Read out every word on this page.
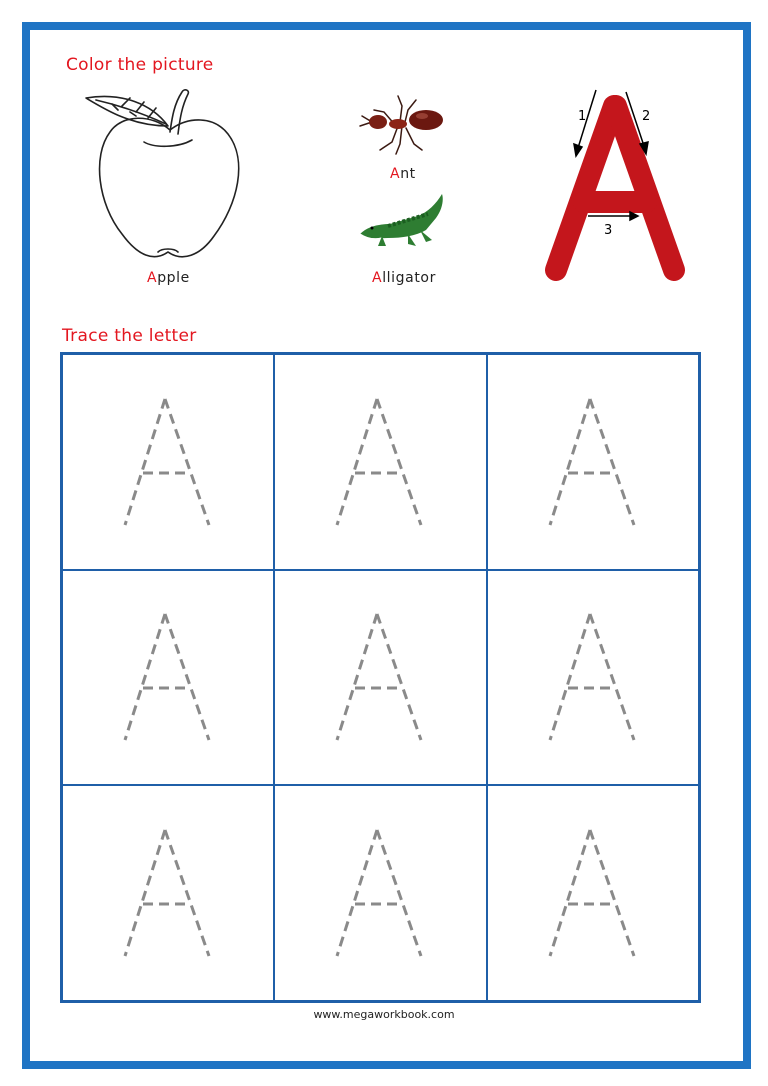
Color the picture
Apple
Ant
Alligator
1	2
3
Trace the letter
www.megaworkbook.com
